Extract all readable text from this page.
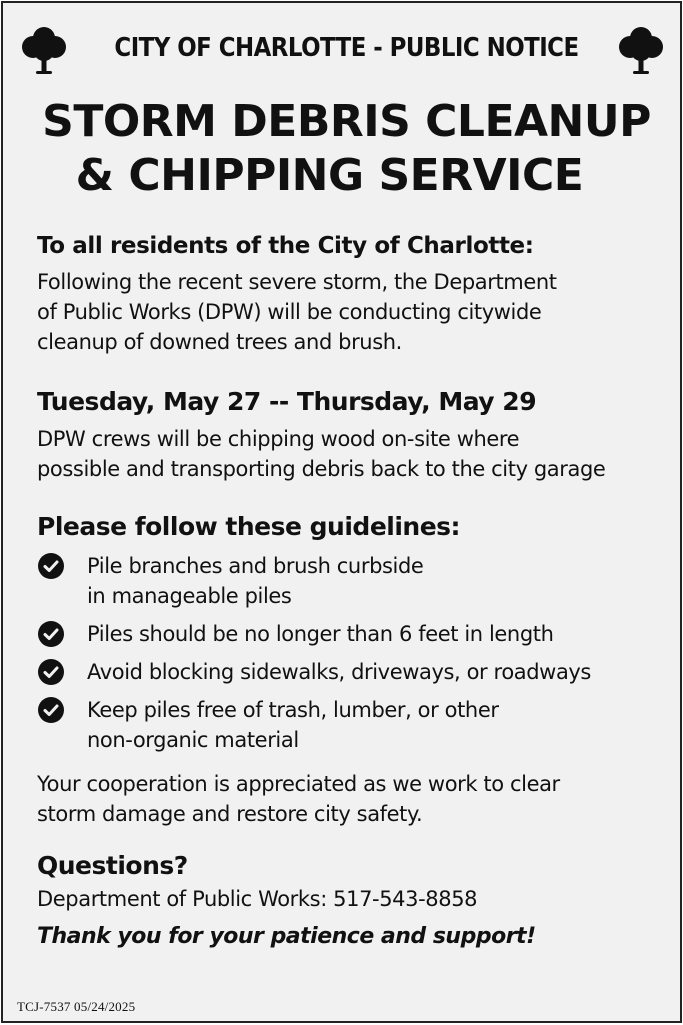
CITY OF CHARLOTTE - PUBLIC NOTICE
STORM DEBRIS CLEANUP
& CHIPPING SERVICE
To all residents of the City of Charlotte:
Following the recent severe storm, the Department
of Public Works (DPW) will be conducting citywide
cleanup of downed trees and brush.
Tuesday, May 27 -- Thursday, May 29
DPW crews will be chipping wood on-site where
possible and transporting debris back to the city garage
Please follow these guidelines:
Pile branches and brush curbside
in manageable piles
Piles should be no longer than 6 feet in length
Avoid blocking sidewalks, driveways, or roadways
Keep piles free of trash, lumber, or other
non-organic material
Your cooperation is appreciated as we work to clear
storm damage and restore city safety.
Questions?
Department of Public Works: 517-543-8858
Thank you for your patience and support!
TCJ-7537 05/24/2025
